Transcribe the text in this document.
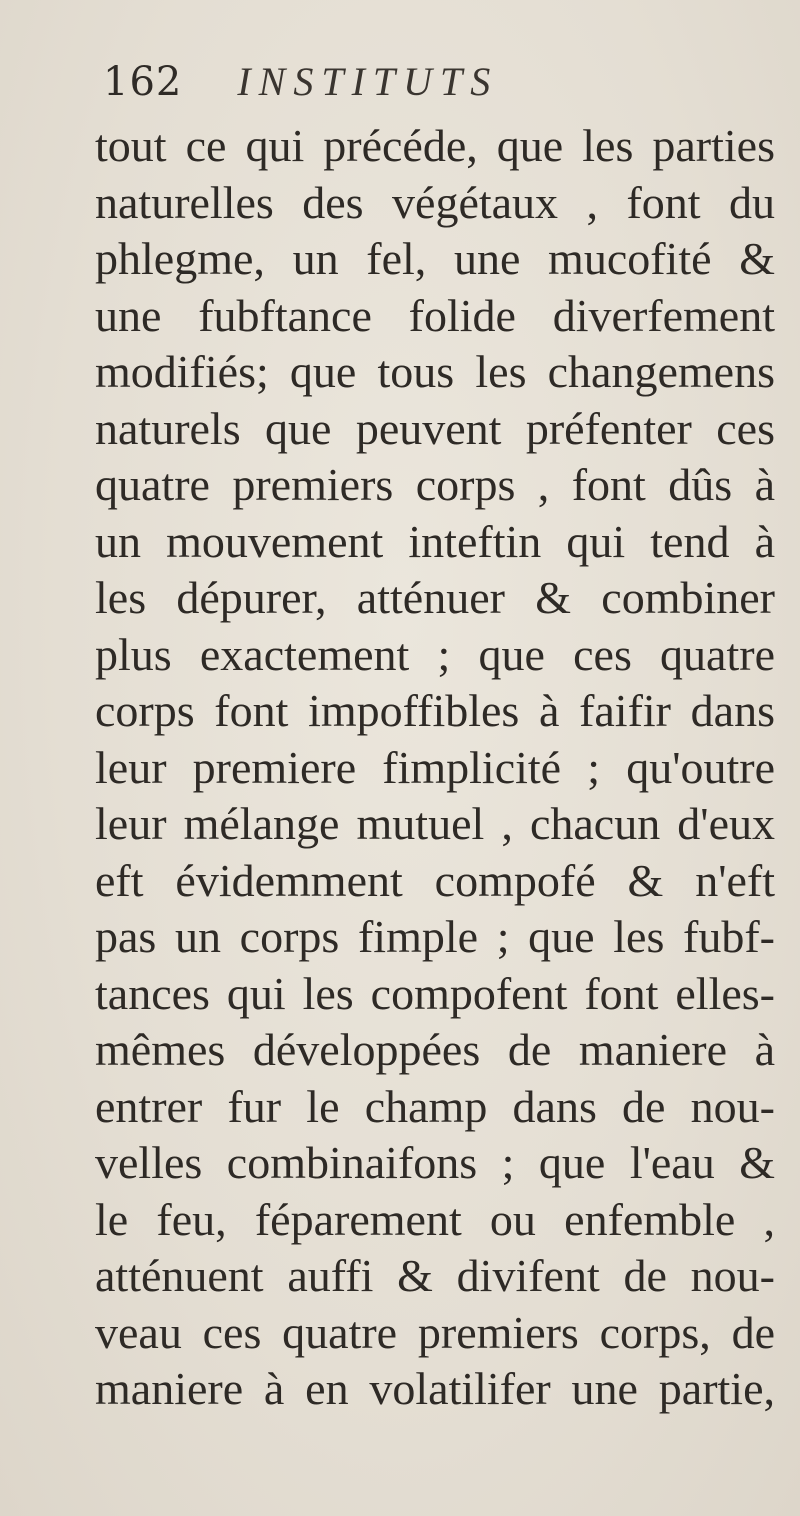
162 INSTITUTS
tout ce qui précéde, que les parties
naturelles des végétaux , font du
phlegme, un fel, une mucofité &
une fubftance folide diverfement
modifiés; que tous les changemens
naturels que peuvent préfenter ces
quatre premiers corps , font dûs à
un mouvement inteftin qui tend à
les dépurer, atténuer & combiner
plus exactement ; que ces quatre
corps font impoffibles à faifir dans
leur premiere fimplicité ; qu'outre
leur mélange mutuel , chacun d'eux
eft évidemment compofé & n'eft
pas un corps fimple ; que les fubf-
tances qui les compofent font elles-
mêmes développées de maniere à
entrer fur le champ dans de nou-
velles combinaifons ; que l'eau &
le feu, féparement ou enfemble ,
atténuent auffi & divifent de nou-
veau ces quatre premiers corps, de
maniere à en volatilifer une partie,
